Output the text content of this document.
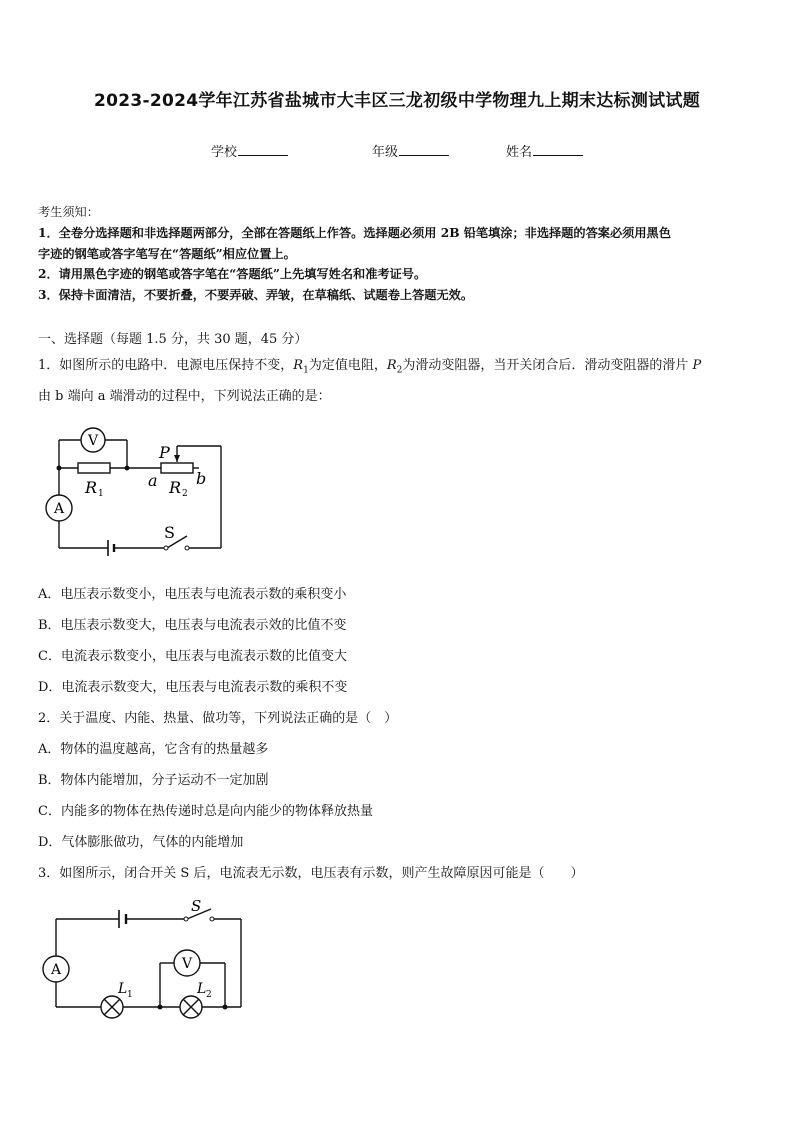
2023-2024学年江苏省盐城市大丰区三龙初级中学物理九上期末达标测试试题
学校	年级	姓名
考生须知：
1．全卷分选择题和非选择题两部分，全部在答题纸上作答。选择题必须用 2B 铅笔填涂；非选择题的答案必须用黑色
字迹的钢笔或答字笔写在“答题纸”相应位置上。
2．请用黑色字迹的钢笔或答字笔在“答题纸”上先填写姓名和准考证号。
3．保持卡面清洁，不要折叠，不要弄破、弄皱，在草稿纸、试题卷上答题无效。
一、选择题（每题 1.5 分，共 30 题，45 分）
1．如图所示的电路中．电源电压保持不变，$R_1$为定值电阻，$R_2$为滑动变阻器，当开关闭合后．滑动变阻器的滑片 P
由 b 端向 a 端滑动的过程中，下列说法正确的是：
V
A
R 1	R 2
P
a b
S
A．电压表示数变小，电压表与电流表示数的乘积变小
B．电压表示数变大，电压表与电流表示效的比值不变
C．电流表示数变小，电压表与电流表示数的比值变大
D．电流表示数变大，电压表与电流表示数的乘积不变
2．关于温度、内能、热量、做功等，下列说法正确的是（　）
A．物体的温度越高，它含有的热量越多
B．物体内能增加，分子运动不一定加剧
C．内能多的物体在热传递时总是向内能少的物体释放热量
D．气体膨胀做功，气体的内能增加
3．如图所示，闭合开关 S 后，电流表无示数，电压表有示数，则产生故障原因可能是（　　）
S
A	V
L 1	L 2
